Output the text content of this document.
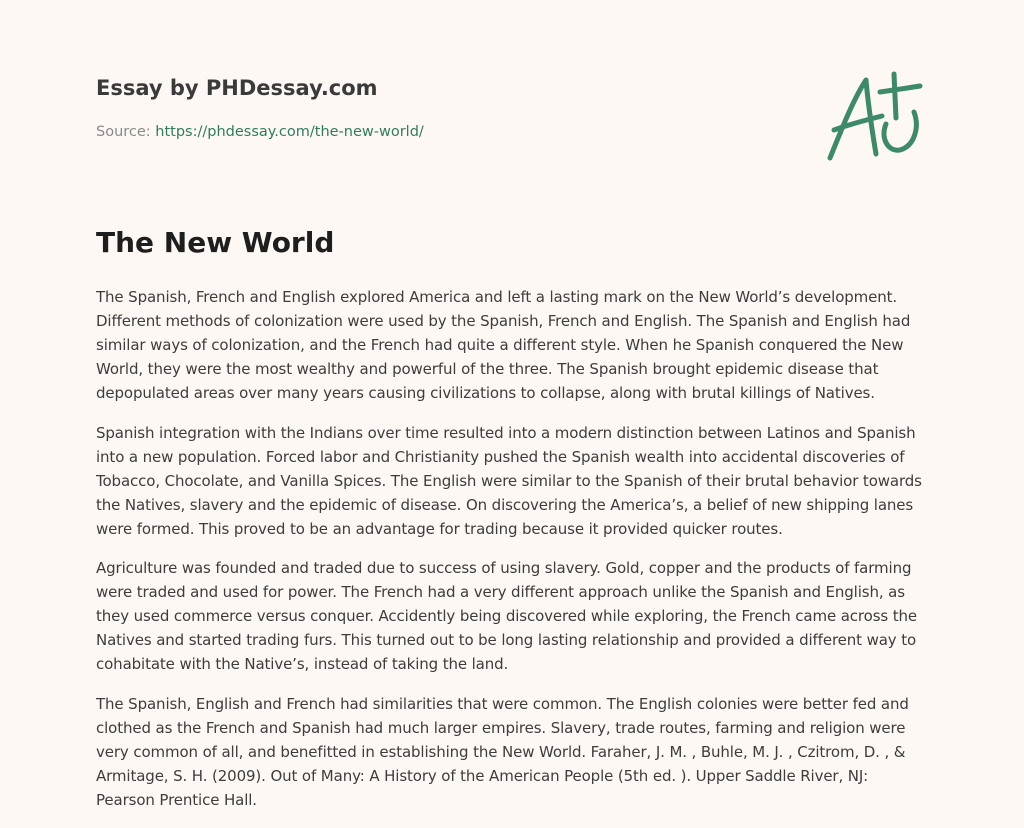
Essay by PHDessay.com
Source: https://phdessay.com/the-new-world/
The New World

The Spanish, French and English explored America and left a lasting mark on the New World’s development. Different methods of colonization were used by the Spanish, French and English. The Spanish and English had similar ways of colonization, and the French had quite a different style. When he Spanish conquered the New World, they were the most wealthy and powerful of the three. The Spanish brought epidemic disease that depopulated areas over many years causing civilizations to collapse, along with brutal killings of Natives.

Spanish integration with the Indians over time resulted into a modern distinction between Latinos and Spanish into a new population. Forced labor and Christianity pushed the Spanish wealth into accidental discoveries of Tobacco, Chocolate, and Vanilla Spices. The English were similar to the Spanish of their brutal behavior towards the Natives, slavery and the epidemic of disease. On discovering the America’s, a belief of new shipping lanes were formed. This proved to be an advantage for trading because it provided quicker routes.

Agriculture was founded and traded due to success of using slavery. Gold, copper and the products of farming were traded and used for power. The French had a very different approach unlike the Spanish and English, as they used commerce versus conquer. Accidently being discovered while exploring, the French came across the Natives and started trading furs. This turned out to be long lasting relationship and provided a different way to cohabitate with the Native’s, instead of taking the land.

The Spanish, English and French had similarities that were common. The English colonies were better fed and clothed as the French and Spanish had much larger empires. Slavery, trade routes, farming and religion were very common of all, and benefitted in establishing the New World. Faraher, J. M. , Buhle, M. J. , Czitrom, D. , & Armitage, S. H. (2009). Out of Many: A History of the American People (5th ed. ). Upper Saddle River, NJ: Pearson Prentice Hall.
